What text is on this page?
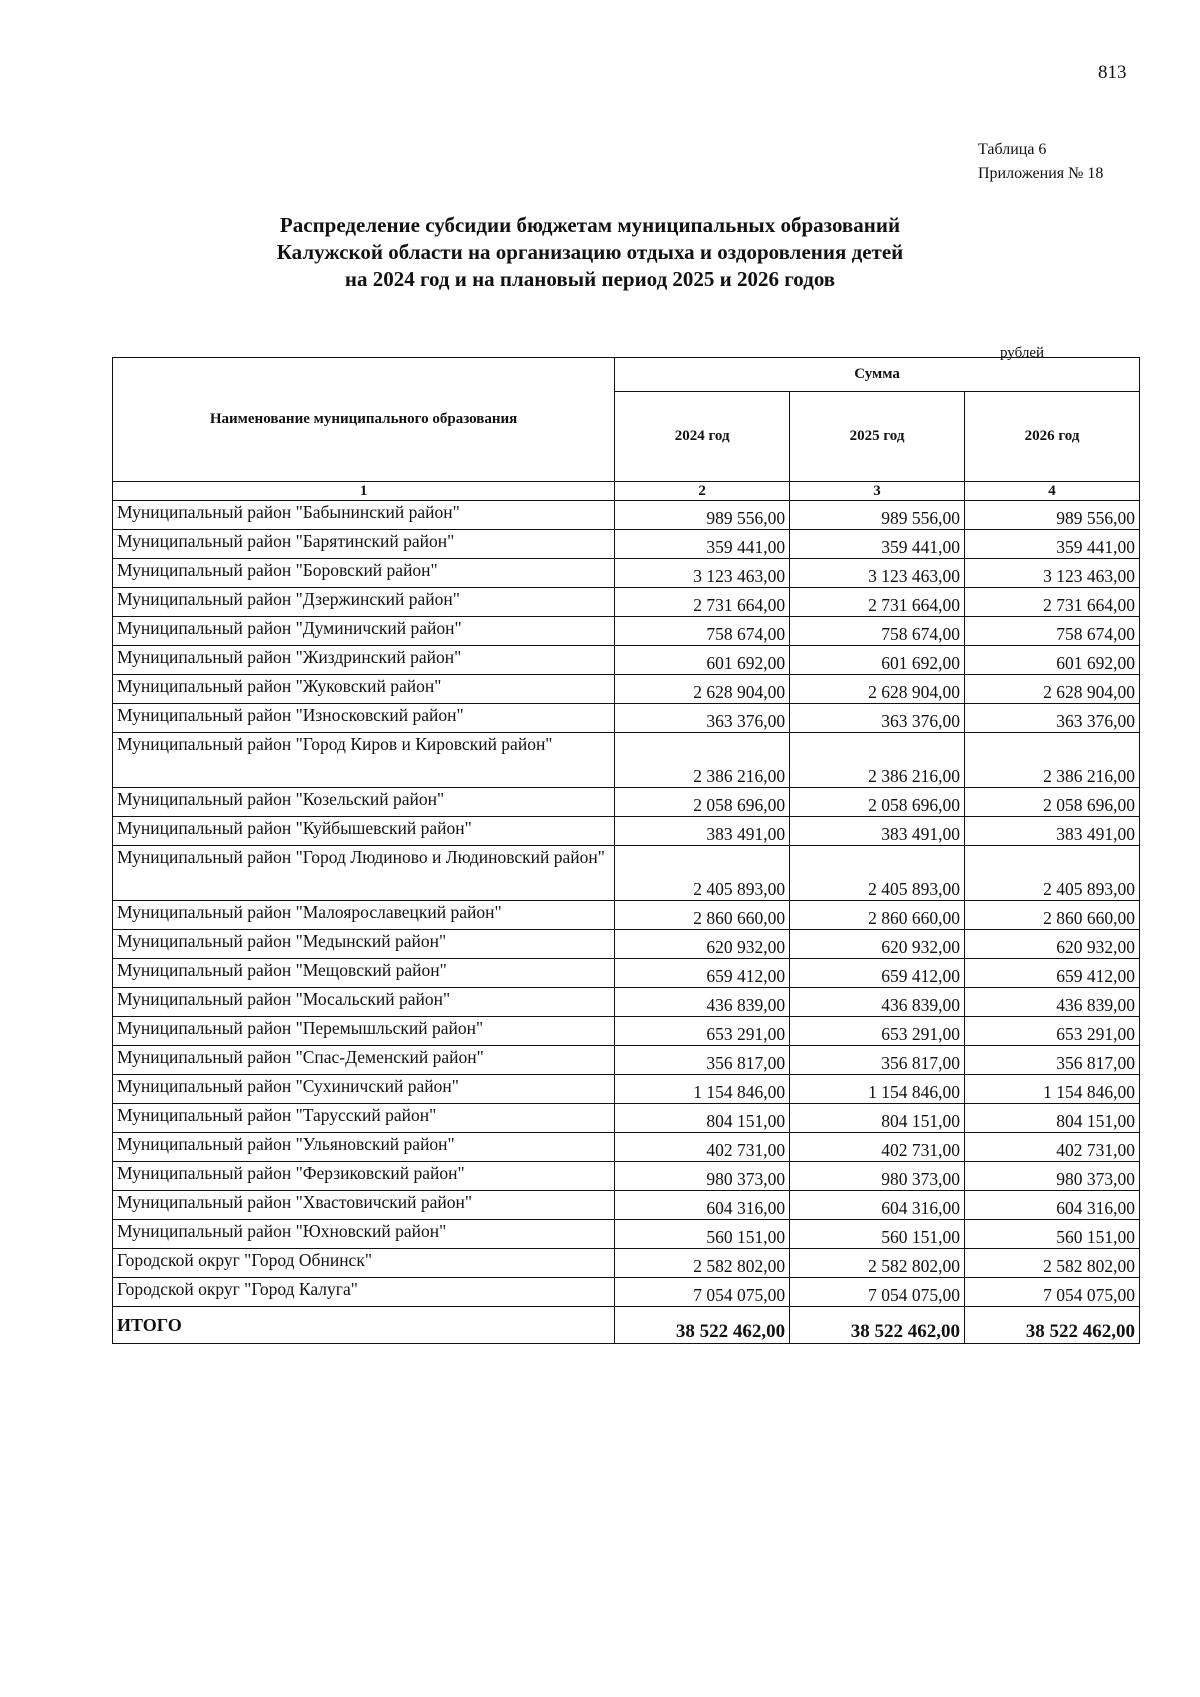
813
Таблица 6
Приложения № 18
Распределение субсидии бюджетам муниципальных образований
Калужской области на организацию отдыха и оздоровления детей
на 2024 год и на плановый период 2025 и 2026 годов
рублей
Наименование муниципального образования	Сумма		
	2024 год	2025 год	2026 год
1	2	3	4
Муниципальный район "Бабынинский район"	989 556,00	989 556,00	989 556,00
Муниципальный район "Барятинский район"	359 441,00	359 441,00	359 441,00
Муниципальный район "Боровский район"	3 123 463,00	3 123 463,00	3 123 463,00
Муниципальный район "Дзержинский район"	2 731 664,00	2 731 664,00	2 731 664,00
Муниципальный район "Думиничский район"	758 674,00	758 674,00	758 674,00
Муниципальный район "Жиздринский район"	601 692,00	601 692,00	601 692,00
Муниципальный район "Жуковский район"	2 628 904,00	2 628 904,00	2 628 904,00
Муниципальный район "Износковский район"	363 376,00	363 376,00	363 376,00
Муниципальный район "Город Киров и Кировский район"	2 386 216,00	2 386 216,00	2 386 216,00
Муниципальный район "Козельский район"	2 058 696,00	2 058 696,00	2 058 696,00
Муниципальный район "Куйбышевский район"	383 491,00	383 491,00	383 491,00
Муниципальный район "Город Людиново и Людиновский район"	2 405 893,00	2 405 893,00	2 405 893,00
Муниципальный район "Малоярославецкий район"	2 860 660,00	2 860 660,00	2 860 660,00
Муниципальный район "Медынский район"	620 932,00	620 932,00	620 932,00
Муниципальный район "Мещовский район"	659 412,00	659 412,00	659 412,00
Муниципальный район "Мосальский район"	436 839,00	436 839,00	436 839,00
Муниципальный район "Перемышльский район"	653 291,00	653 291,00	653 291,00
Муниципальный район "Спас-Деменский район"	356 817,00	356 817,00	356 817,00
Муниципальный район "Сухиничский район"	1 154 846,00	1 154 846,00	1 154 846,00
Муниципальный район "Тарусский район"	804 151,00	804 151,00	804 151,00
Муниципальный район "Ульяновский район"	402 731,00	402 731,00	402 731,00
Муниципальный район "Ферзиковский район"	980 373,00	980 373,00	980 373,00
Муниципальный район "Хвастовичский район"	604 316,00	604 316,00	604 316,00
Муниципальный район "Юхновский район"	560 151,00	560 151,00	560 151,00
Городской округ "Город Обнинск"	2 582 802,00	2 582 802,00	2 582 802,00
Городской округ "Город Калуга"	7 054 075,00	7 054 075,00	7 054 075,00
ИТОГО	38 522 462,00	38 522 462,00	38 522 462,00
